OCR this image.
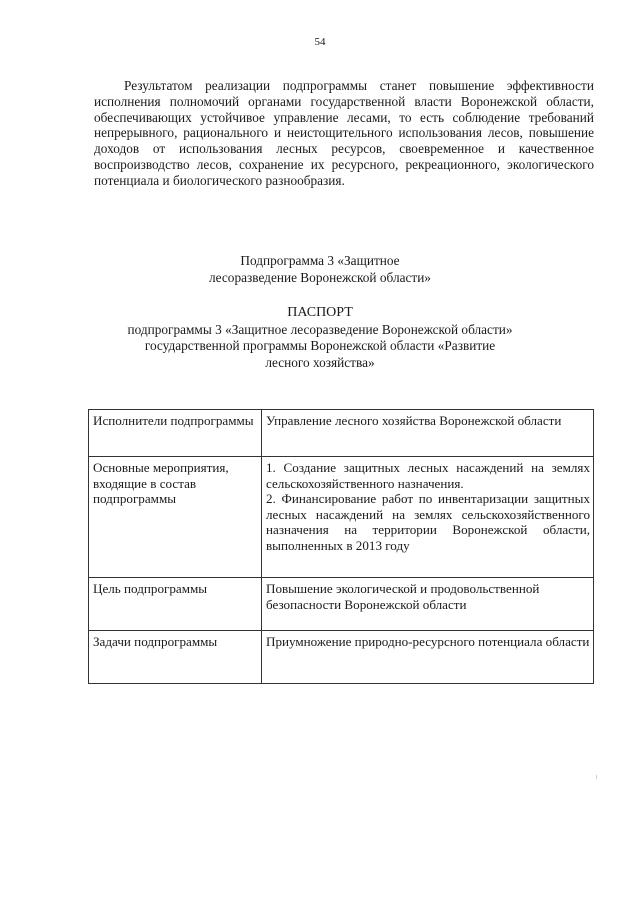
54

Результатом реализации подпрограммы станет повышение эффективности исполнения полномочий органами государственной власти Воронежской области, обеспечивающих устойчивое управление лесами, то есть соблюдение требований непрерывного, рационального и неистощительного использования лесов, повышение доходов от использования лесных ресурсов, своевременное и качественное воспроизводство лесов, сохранение их ресурсного, рекреационного, экологического потенциала и биологического разнообразия.

Подпрограмма 3 «Защитное
лесоразведение Воронежской области»
ПАСПОРТ
подпрограммы 3 «Защитное лесоразведение Воронежской области»
государственной программы Воронежской области «Развитие
лесного хозяйства»
Исполнители подпрограммы	Управление лесного хозяйства Воронежской области
Основные мероприятия, входящие в состав подпрограммы	1. Создание защитных лесных насаждений на землях сельскохозяйственного назначения.
2. Финансирование работ по инвентаризации защитных лесных насаждений на землях сельскохозяйственного назначения на территории Воронежской области, выполненных в 2013 году

Цель подпрограммы	Повышение экологической и продовольственной безопасности Воронежской области
Задачи подпрограммы	Приумножение природно-ресурсного потенциала области
